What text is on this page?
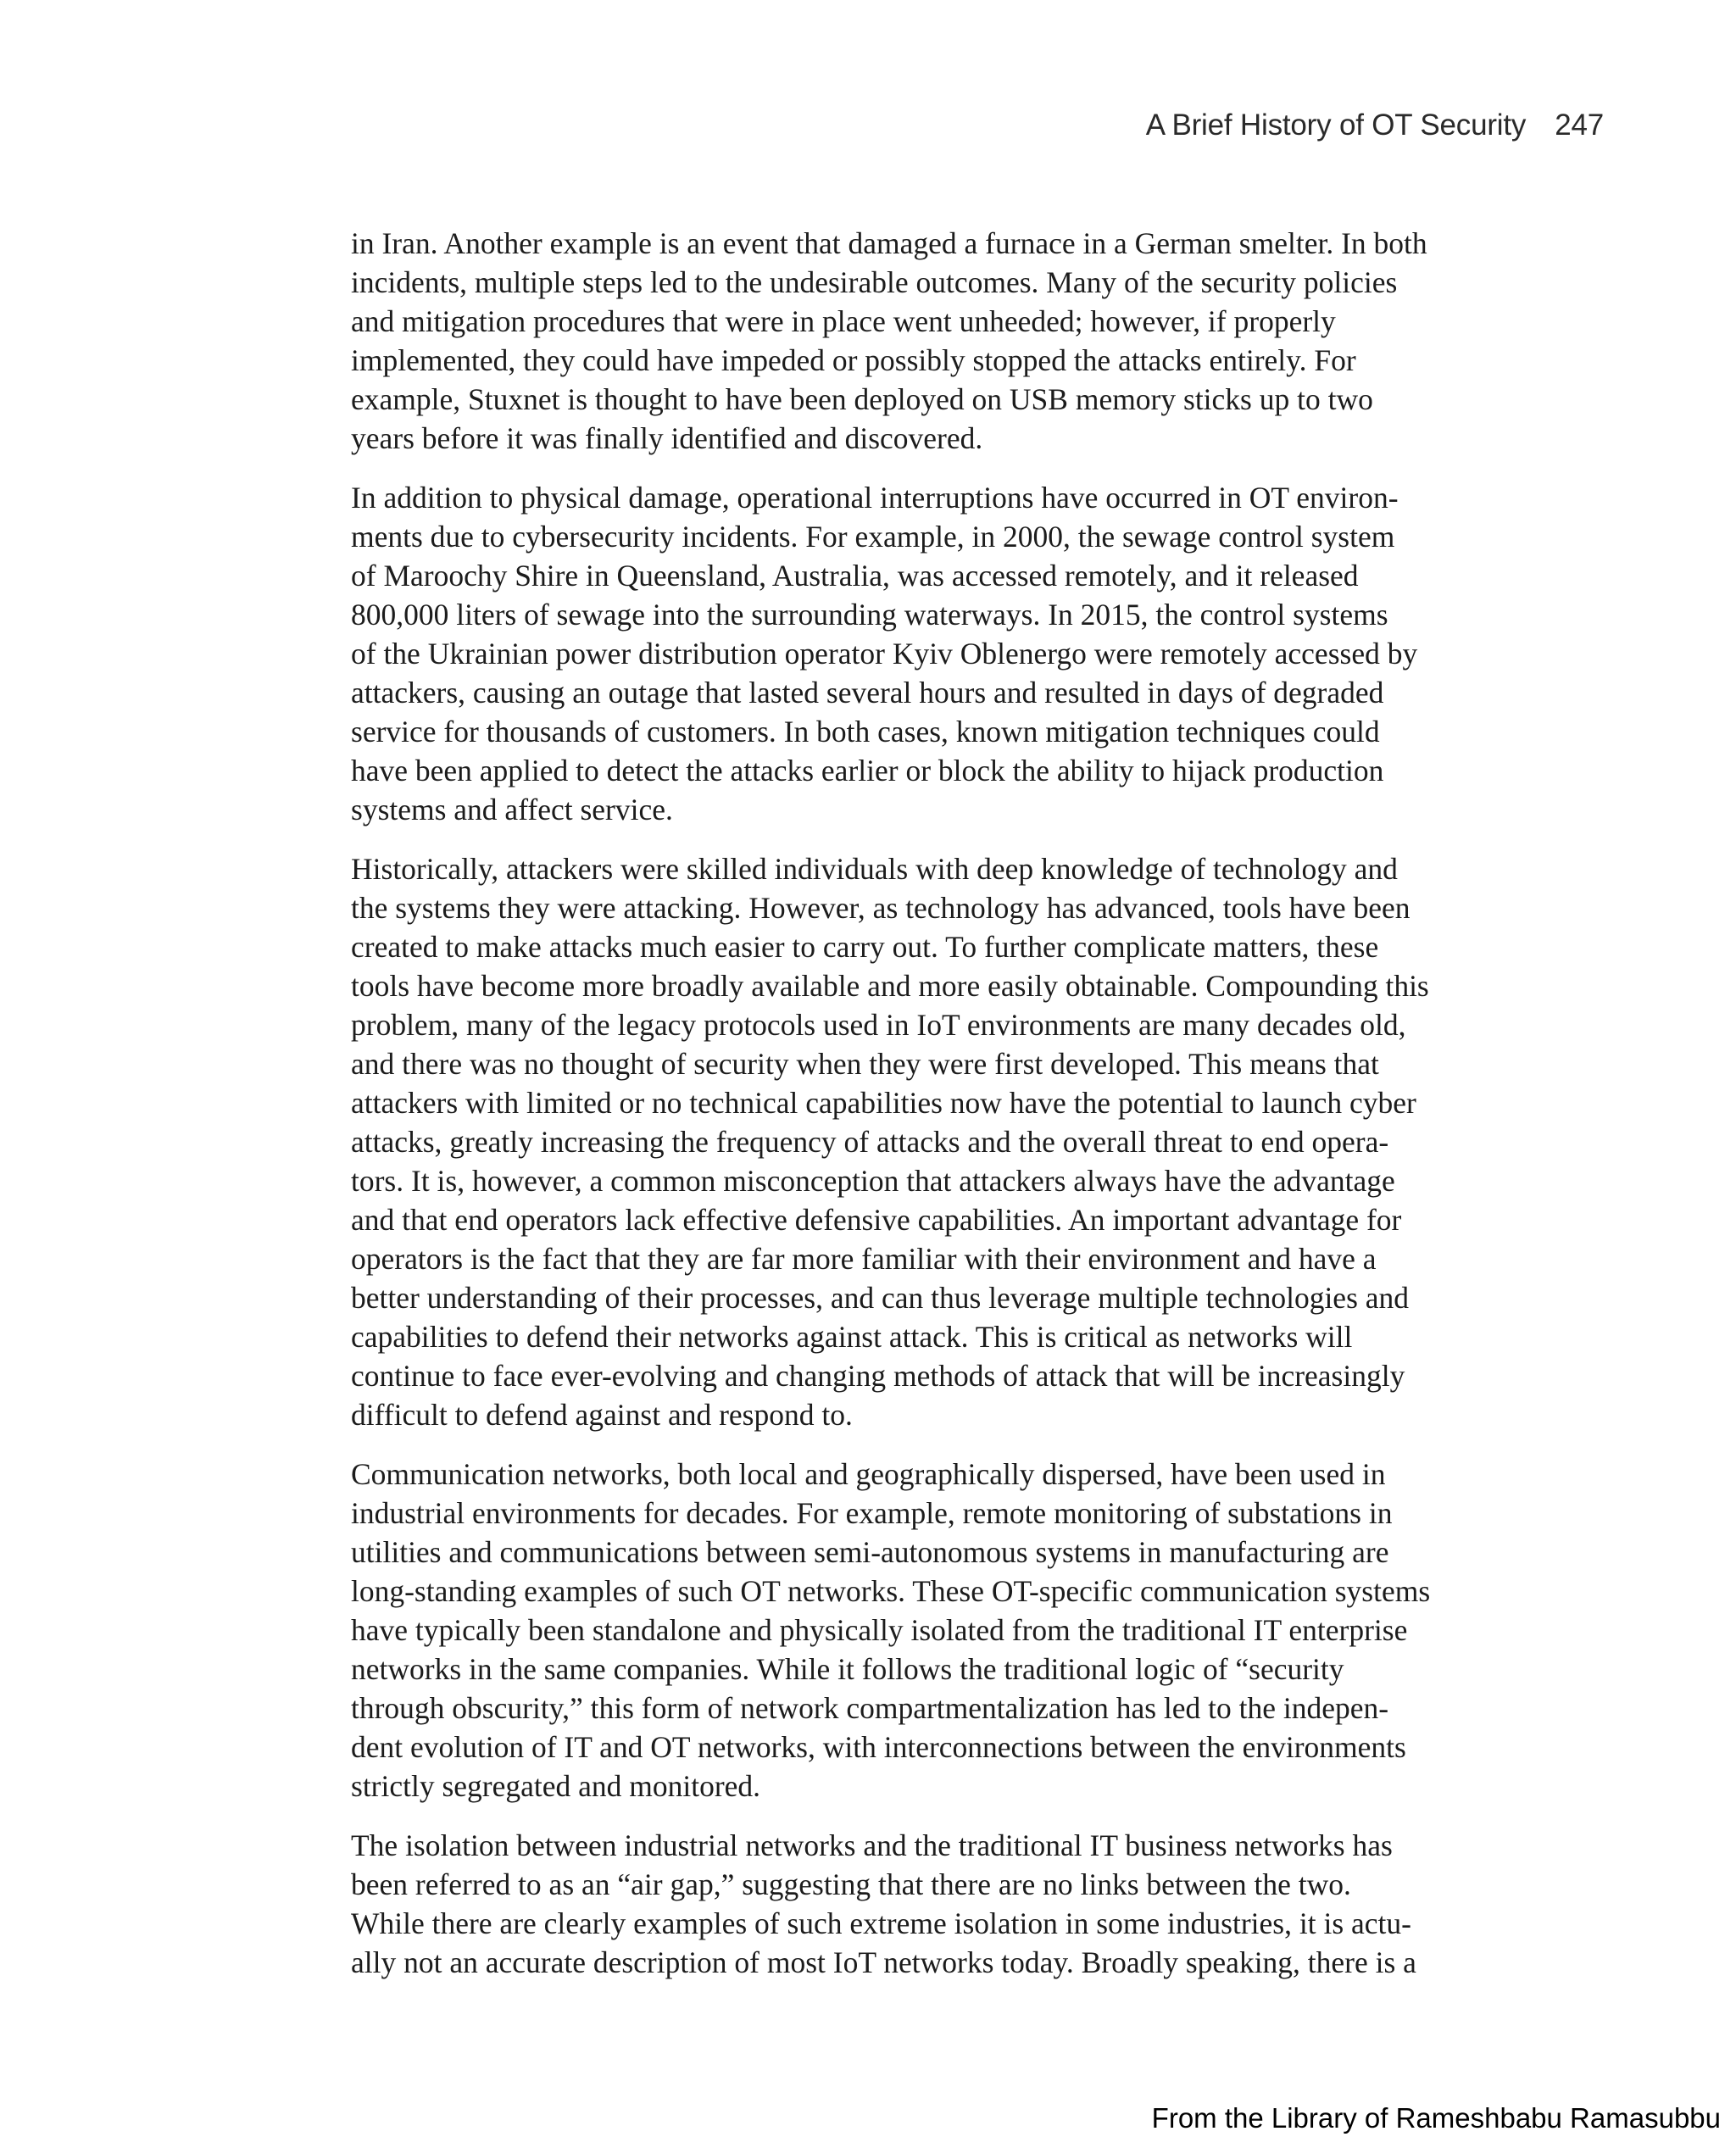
A Brief History of OT Security 247

in Iran. Another example is an event that damaged a furnace in a German smelter. In both
incidents, multiple steps led to the undesirable outcomes. Many of the security policies
and mitigation procedures that were in place went unheeded; however, if properly
implemented, they could have impeded or possibly stopped the attacks entirely. For
example, Stuxnet is thought to have been deployed on USB memory sticks up to two
years before it was finally identified and discovered.

In addition to physical damage, operational interruptions have occurred in OT environ-
ments due to cybersecurity incidents. For example, in 2000, the sewage control system
of Maroochy Shire in Queensland, Australia, was accessed remotely, and it released
800,000 liters of sewage into the surrounding waterways. In 2015, the control systems
of the Ukrainian power distribution operator Kyiv Oblenergo were remotely accessed by
attackers, causing an outage that lasted several hours and resulted in days of degraded
service for thousands of customers. In both cases, known mitigation techniques could
have been applied to detect the attacks earlier or block the ability to hijack production
systems and affect service.

Historically, attackers were skilled individuals with deep knowledge of technology and
the systems they were attacking. However, as technology has advanced, tools have been
created to make attacks much easier to carry out. To further complicate matters, these
tools have become more broadly available and more easily obtainable. Compounding this
problem, many of the legacy protocols used in IoT environments are many decades old,
and there was no thought of security when they were first developed. This means that
attackers with limited or no technical capabilities now have the potential to launch cyber
attacks, greatly increasing the frequency of attacks and the overall threat to end opera-
tors. It is, however, a common misconception that attackers always have the advantage
and that end operators lack effective defensive capabilities. An important advantage for
operators is the fact that they are far more familiar with their environment and have a
better understanding of their processes, and can thus leverage multiple technologies and
capabilities to defend their networks against attack. This is critical as networks will
continue to face ever-evolving and changing methods of attack that will be increasingly
difficult to defend against and respond to.

Communication networks, both local and geographically dispersed, have been used in
industrial environments for decades. For example, remote monitoring of substations in
utilities and communications between semi-autonomous systems in manufacturing are
long-standing examples of such OT networks. These OT-specific communication systems
have typically been standalone and physically isolated from the traditional IT enterprise
networks in the same companies. While it follows the traditional logic of “security
through obscurity,” this form of network compartmentalization has led to the indepen-
dent evolution of IT and OT networks, with interconnections between the environments
strictly segregated and monitored.

The isolation between industrial networks and the traditional IT business networks has
been referred to as an “air gap,” suggesting that there are no links between the two.
While there are clearly examples of such extreme isolation in some industries, it is actu-
ally not an accurate description of most IoT networks today. Broadly speaking, there is a

From the Library of Rameshbabu Ramasubbu
